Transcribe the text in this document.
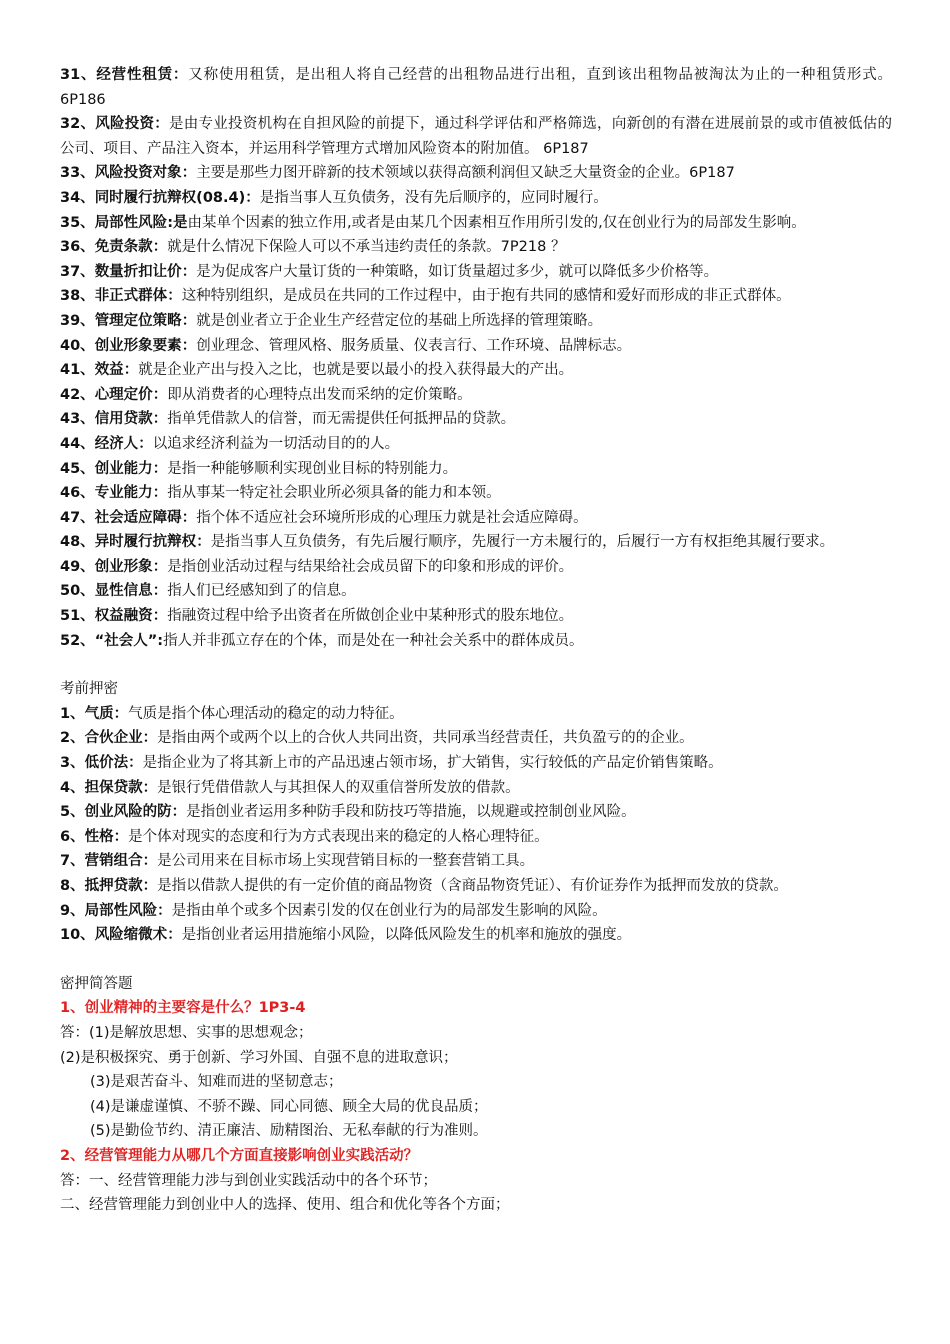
31、经营性租赁：又称使用租赁，是出租人将自己经营的出租物品进行出租，直到该出租物品被淘汰为止的一种租赁形式。 6P186

32、风险投资：是由专业投资机构在自担风险的前提下，通过科学评估和严格筛选，向新创的有潜在进展前景的或市值被低估的公司、项目、产品注入资本，并运用科学管理方式增加风险资本的附加值。 6P187

33、风险投资对象：主要是那些力图开辟新的技术领域以获得高额利润但又缺乏大量资金的企业。6P187

34、同时履行抗辩权(08.4)：是指当事人互负债务，没有先后顺序的，应同时履行。

35、局部性风险:是由某单个因素的独立作用,或者是由某几个因素相互作用所引发的,仅在创业行为的局部发生影响。

36、免责条款：就是什么情况下保险人可以不承当违约责任的条款。7P218 ？

37、数量折扣让价：是为促成客户大量订货的一种策略，如订货量超过多少，就可以降低多少价格等。

38、非正式群体：这种特别组织，是成员在共同的工作过程中，由于抱有共同的感情和爱好而形成的非正式群体。

39、管理定位策略：就是创业者立于企业生产经营定位的基础上所选择的管理策略。

40、创业形象要素：创业理念、管理风格、服务质量、仪表言行、工作环境、品牌标志。

41、效益：就是企业产出与投入之比，也就是要以最小的投入获得最大的产出。

42、心理定价：即从消费者的心理特点出发而采纳的定价策略。

43、信用贷款：指单凭借款人的信誉，而无需提供任何抵押品的贷款。

44、经济人：以追求经济利益为一切活动目的的人。

45、创业能力：是指一种能够顺利实现创业目标的特别能力。

46、专业能力：指从事某一特定社会职业所必须具备的能力和本领。

47、社会适应障碍：指个体不适应社会环境所形成的心理压力就是社会适应障碍。

48、异时履行抗辩权：是指当事人互负债务，有先后履行顺序，先履行一方未履行的，后履行一方有权拒绝其履行要求。

49、创业形象：是指创业活动过程与结果给社会成员留下的印象和形成的评价。

50、显性信息：指人们已经感知到了的信息。

51、权益融资：指融资过程中给予出资者在所做创企业中某种形式的股东地位。

52、“社会人”:指人并非孤立存在的个体，而是处在一种社会关系中的群体成员。

考前押密

1、气质：气质是指个体心理活动的稳定的动力特征。

2、合伙企业：是指由两个或两个以上的合伙人共同出资，共同承当经营责任，共负盈亏的的企业。

3、低价法：是指企业为了将其新上市的产品迅速占领市场，扩大销售，实行较低的产品定价销售策略。

4、担保贷款：是银行凭借借款人与其担保人的双重信誉所发放的借款。

5、创业风险的防：是指创业者运用多种防手段和防技巧等措施，以规避或控制创业风险。

6、性格：是个体对现实的态度和行为方式表现出来的稳定的人格心理特征。

7、营销组合：是公司用来在目标市场上实现营销目标的一整套营销工具。

8、抵押贷款：是指以借款人提供的有一定价值的商品物资（含商品物资凭证）、有价证券作为抵押而发放的贷款。

9、局部性风险：是指由单个或多个因素引发的仅在创业行为的局部发生影响的风险。

10、风险缩微术：是指创业者运用措施缩小风险，以降低风险发生的机率和施放的强度。

密押简答题

1、创业精神的主要容是什么？1P3-4

答：(1)是解放思想、实事的思想观念；

(2)是积极探究、勇于创新、学习外国、自强不息的进取意识；

(3)是艰苦奋斗、知难而进的坚韧意志；

(4)是谦虚谨慎、不骄不躁、同心同德、顾全大局的优良品质；

(5)是勤俭节约、清正廉洁、励精图治、无私奉献的行为准则。

2、经营管理能力从哪几个方面直接影响创业实践活动？

答：一、经营管理能力涉与到创业实践活动中的各个环节；

二、经营管理能力到创业中人的选择、使用、组合和优化等各个方面；
